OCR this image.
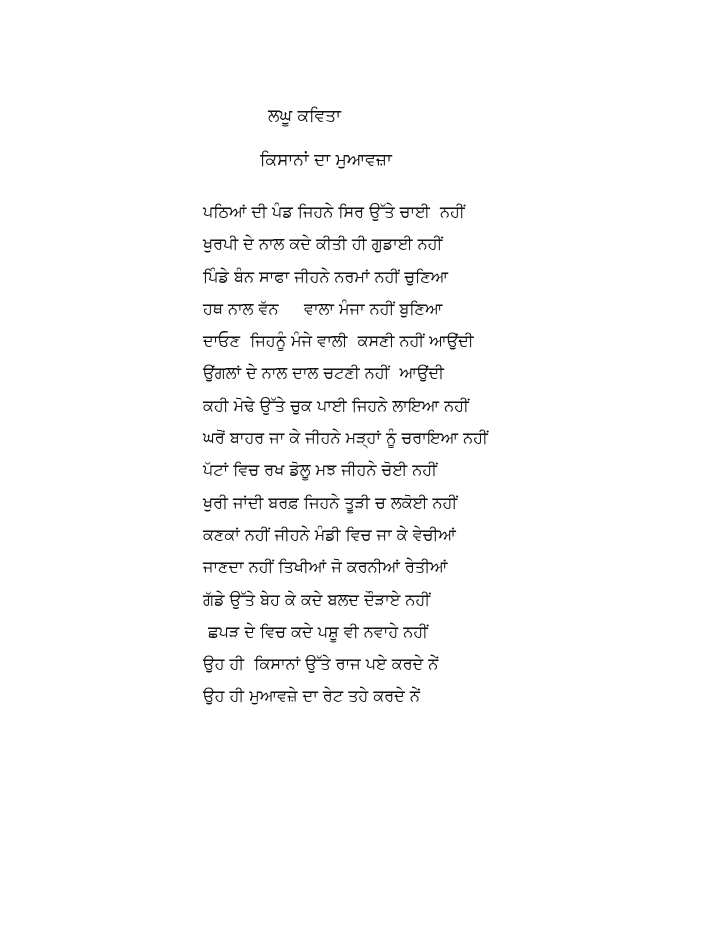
ਲਘੂ ਕਵਿਤਾ
ਕਿਸਾਨਾਂ ਦਾ ਮੁਆਵਜ਼ਾ
ਪਠਿਆਂ ਦੀ ਪੰਡ ਜਿਹਨੇ ਸਿਰ ਉੱਤੇ ਚਾਈ  ਨਹੀਂ
ਖੁਰਪੀ ਦੇ ਨਾਲ ਕਦੇ ਕੀਤੀ ਹੀ ਗੁਡਾਈ ਨਹੀਂ
ਪਿੰਡੇ ਬੰਨ ਸਾਫਾ ਜੀਹਨੇ ਨਰਮਾਂ ਨਹੀਂ ਚੁਣਿਆ
ਹਥ ਨਾਲ ਵੱਨ     ਵਾਲਾ ਮੰਜਾ ਨਹੀਂ ਬੁਣਿਆ
ਦਾਓਣ  ਜਿਹਨੂੰ ਮੰਜੇ ਵਾਲੀ  ਕਸਣੀ ਨਹੀਂ ਆਉਂਦੀ
ਉਂਗਲਾਂ ਦੇ ਨਾਲ ਦਾਲ ਚਟਣੀ ਨਹੀਂ  ਆਉਂਦੀ
ਕਹੀ ਮੋਢੇ ਉੱਤੇ ਚੁਕ ਪਾਈ ਜਿਹਨੇ ਲਾਇਆ ਨਹੀਂ
ਘਰੋਂ ਬਾਹਰ ਜਾ ਕੇ ਜੀਹਨੇ ਮੜ੍ਹਾਂ ਨੂੰ ਚਰਾਇਆ ਨਹੀਂ
ਪੱਟਾਂ ਵਿਚ ਰਖ ਡੋਲੂ ਮਝ ਜੀਹਨੇ ਚੋਈ ਨਹੀਂ
ਖੁਰੀ ਜਾਂਦੀ ਬਰਫ਼ ਜਿਹਨੇ ਤੂੜੀ ਚ ਲਕੋਈ ਨਹੀਂ
ਕਣਕਾਂ ਨਹੀਂ ਜੀਹਨੇ ਮੰਡੀ ਵਿਚ ਜਾ ਕੇ ਵੇਚੀਆਂ
ਜਾਣਦਾ ਨਹੀਂ ਤਿਖੀਆਂ ਜੋ ਕਰਨੀਆਂ ਰੇਤੀਆਂ
ਗੱਡੇ ਉੱਤੇ ਬੇਹ ਕੇ ਕਦੇ ਬਲਦ ਦੌੜਾਏ ਨਹੀਂ
ਛਪੜ ਦੇ ਵਿਚ ਕਦੇ ਪਸ਼ੂ ਵੀ ਨਵਾਹੇ ਨਹੀਂ
ਉਹ ਹੀ  ਕਿਸਾਨਾਂ ਉੱਤੇ ਰਾਜ ਪਏ ਕਰਦੇ ਨੇਂ
ਉਹ ਹੀ ਮੁਆਵਜ਼ੇ ਦਾ ਰੇਟ ਤਹੇ ਕਰਦੇ ਨੇਂ
